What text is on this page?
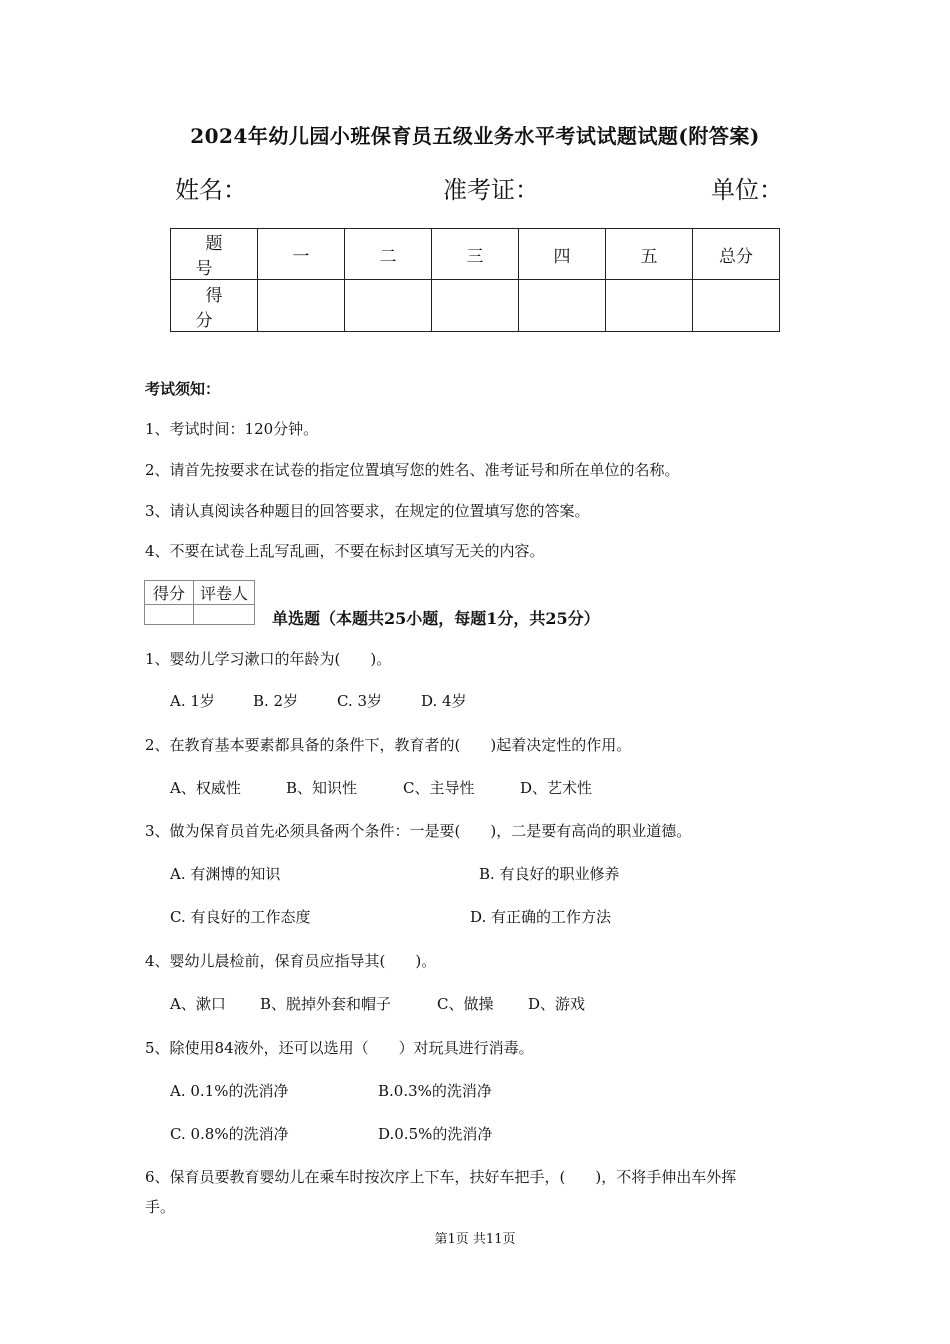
2024年幼儿园小班保育员五级业务水平考试试题试题(附答案)
姓名：	准考证：	单位：
题号	一	二	三	四	五	总分
得分						
考试须知：
1、考试时间：120分钟。
2、请首先按要求在试卷的指定位置填写您的姓名、准考证号和所在单位的名称。
3、请认真阅读各种题目的回答要求，在规定的位置填写您的答案。
4、不要在试卷上乱写乱画，不要在标封区填写无关的内容。
得分	评卷人

单选题（本题共25小题，每题1分，共25分）
1、婴幼儿学习漱口的年龄为(　　)。
A. 1岁	B. 2岁	C. 3岁	D. 4岁
2、在教育基本要素都具备的条件下，教育者的(　　)起着决定性的作用。
A、权威性	B、知识性	C、主导性	D、艺术性
3、做为保育员首先必须具备两个条件：一是要(　　)，二是要有高尚的职业道德。
A. 有渊博的知识	B. 有良好的职业修养
C. 有良好的工作态度	D. 有正确的工作方法
4、婴幼儿晨检前，保育员应指导其(　　)。
A、漱口 B、脱掉外套和帽子	C、做操 D、游戏
5、除使用84液外，还可以选用（　　）对玩具进行消毒。
A. 0.1%的洗消净	B.0.3%的洗消净
C. 0.8%的洗消净	D.0.5%的洗消净
6、保育员要教育婴幼儿在乘车时按次序上下车，扶好车把手，(　　)，不将手伸出车外挥
手。
第1页 共11页
